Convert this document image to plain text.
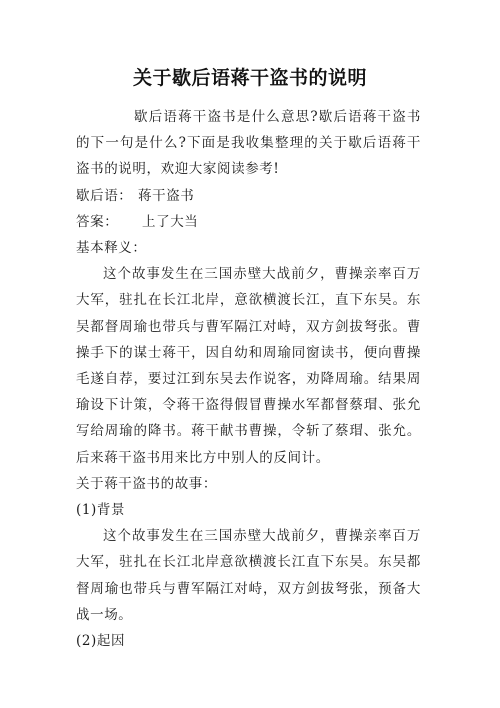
关于歇后语蒋干盗书的说明

歇后语蒋干盗书是什么意思?歇后语蒋干盗书的下一句是什么?下面是我收集整理的关于歇后语蒋干盗书的说明，欢迎大家阅读参考!

歇后语： 蒋干盗书

答案： 上了大当

基本释义：

这个故事发生在三国赤壁大战前夕，曹操亲率百万大军，驻扎在长江北岸，意欲横渡长江，直下东吴。东吴都督周瑜也带兵与曹军隔江对峙，双方剑拔弩张。曹操手下的谋士蒋干，因自幼和周瑜同窗读书，便向曹操毛遂自荐，要过江到东吴去作说客，劝降周瑜。结果周瑜设下计策，令蒋干盗得假冒曹操水军都督蔡瑁、张允写给周瑜的降书。蒋干献书曹操，令斩了蔡瑁、张允。后来蒋干盗书用来比方中别人的反间计。

关于蒋干盗书的故事：

(1)背景

这个故事发生在三国赤壁大战前夕，曹操亲率百万大军，驻扎在长江北岸意欲横渡长江直下东吴。东吴都督周瑜也带兵与曹军隔江对峙，双方剑拔弩张，预备大战一场。

(2)起因
